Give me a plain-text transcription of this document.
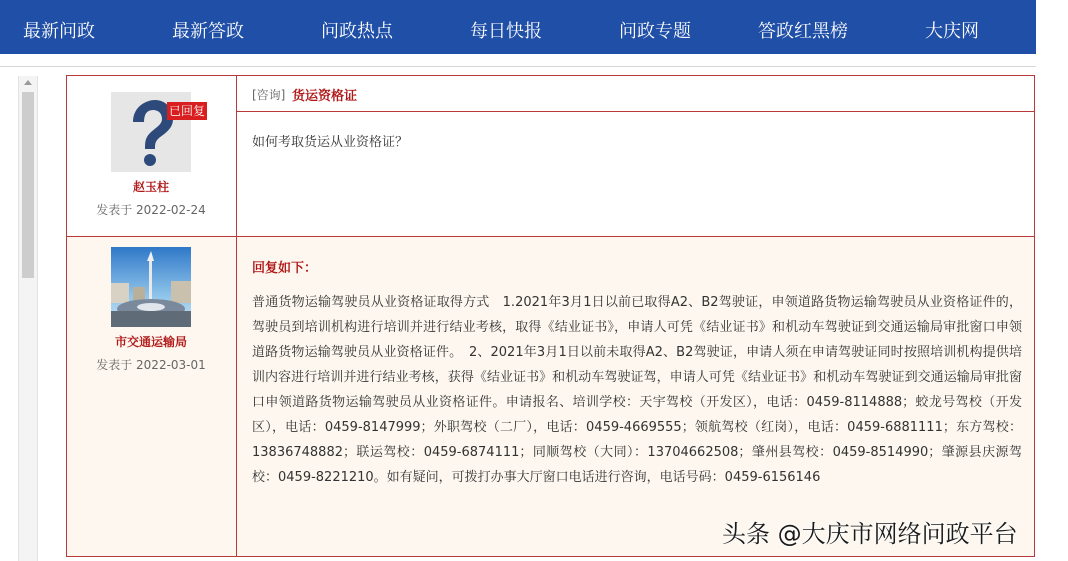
最新问政	最新答政	问政热点	每日快报	问政专题	答政红黑榜	大庆网
已回复
赵玉柱
发表于 2022-02-24
[咨询] 货运资格证
如何考取货运从业资格证？
市交通运输局
发表于 2022-03-01
回复如下：
普通货物运输驾驶员从业资格证取得方式　1.2021年3月1日以前已取得A2、B2驾驶证，申领道路货物运输驾驶员从业资格证件的，驾驶员到培训机构进行培训并进行结业考核，取得《结业证书》，申请人可凭《结业证书》和机动车驾驶证到交通运输局审批窗口申领道路货物运输驾驶员从业资格证件。　2、2021年3月1日以前未取得A2、B2驾驶证，申请人须在申请驾驶证同时按照培训机构提供培训内容进行培训并进行结业考核，获得《结业证书》和机动车驾驶证驾，申请人可凭《结业证书》和机动车驾驶证到交通运输局审批窗口申领道路货物运输驾驶员从业资格证件。申请报名、培训学校：天宇驾校（开发区），电话：0459-8114888；蛟龙号驾校（开发区），电话：0459-8147999；外职驾校（二厂），电话：0459-4669555；领航驾校（红岗），电话：0459-6881111；东方驾校：13836748882；联运驾校：0459-6874111；同顺驾校（大同）：13704662508；肇州县驾校：0459-8514990；肇源县庆源驾校：0459-8221210。如有疑问，可拨打办事大厅窗口电话进行咨询，电话号码：0459-6156146
头条 @大庆市网络问政平台
